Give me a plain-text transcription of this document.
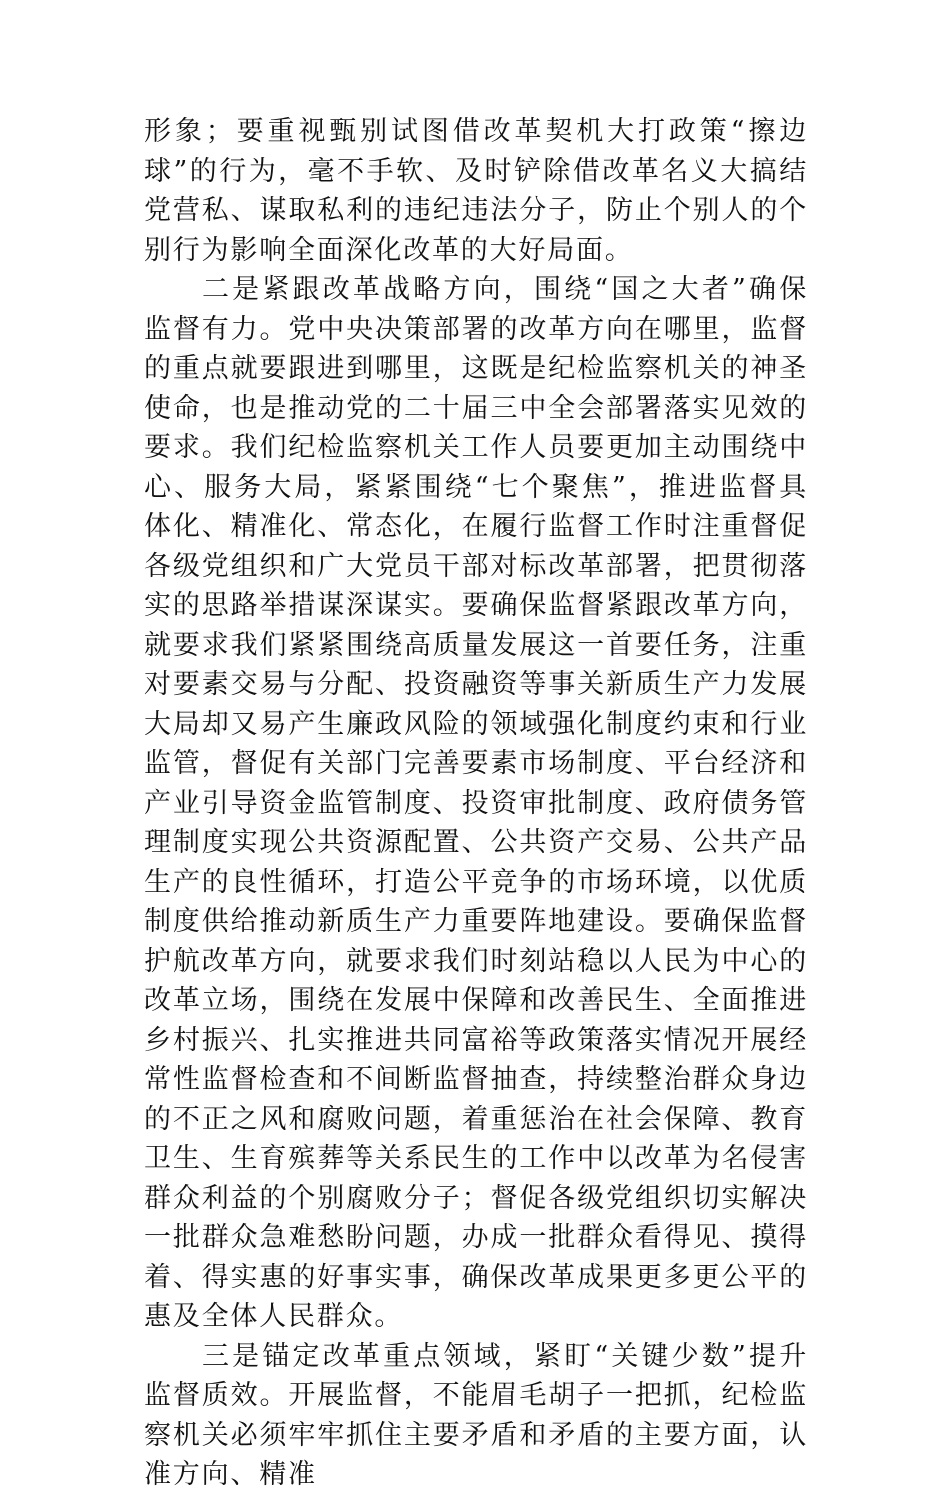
形象；要重视甄别试图借改革契机大打政策“擦边球”的行为，毫不手软、及时铲除借改革名义大搞结党营私、谋取私利的违纪违法分子，防止个别人的个别行为影响全面深化改革的大好局面。

二是紧跟改革战略方向，围绕“国之大者”确保监督有力。党中央决策部署的改革方向在哪里，监督的重点就要跟进到哪里，这既是纪检监察机关的神圣使命，也是推动党的二十届三中全会部署落实见效的要求。我们纪检监察机关工作人员要更加主动围绕中心、服务大局，紧紧围绕“七个聚焦”，推进监督具体化、精准化、常态化，在履行监督工作时注重督促各级党组织和广大党员干部对标改革部署，把贯彻落实的思路举措谋深谋实。要确保监督紧跟改革方向，就要求我们紧紧围绕高质量发展这一首要任务，注重对要素交易与分配、投资融资等事关新质生产力发展大局却又易产生廉政风险的领域强化制度约束和行业监管，督促有关部门完善要素市场制度、平台经济和产业引导资金监管制度、投资审批制度、政府债务管理制度实现公共资源配置、公共资产交易、公共产品生产的良性循环，打造公平竞争的市场环境，以优质制度供给推动新质生产力重要阵地建设。要确保监督护航改革方向，就要求我们时刻站稳以人民为中心的改革立场，围绕在发展中保障和改善民生、全面推进乡村振兴、扎实推进共同富裕等政策落实情况开展经常性监督检查和不间断监督抽查，持续整治群众身边的不正之风和腐败问题，着重惩治在社会保障、教育卫生、生育殡葬等关系民生的工作中以改革为名侵害群众利益的个别腐败分子；督促各级党组织切实解决一批群众急难愁盼问题，办成一批群众看得见、摸得着、得实惠的好事实事，确保改革成果更多更公平的惠及全体人民群众。

三是锚定改革重点领域，紧盯“关键少数”提升监督质效。开展监督，不能眉毛胡子一把抓，纪检监察机关必须牢牢抓住主要矛盾和矛盾的主要方面，认准方向、精准
